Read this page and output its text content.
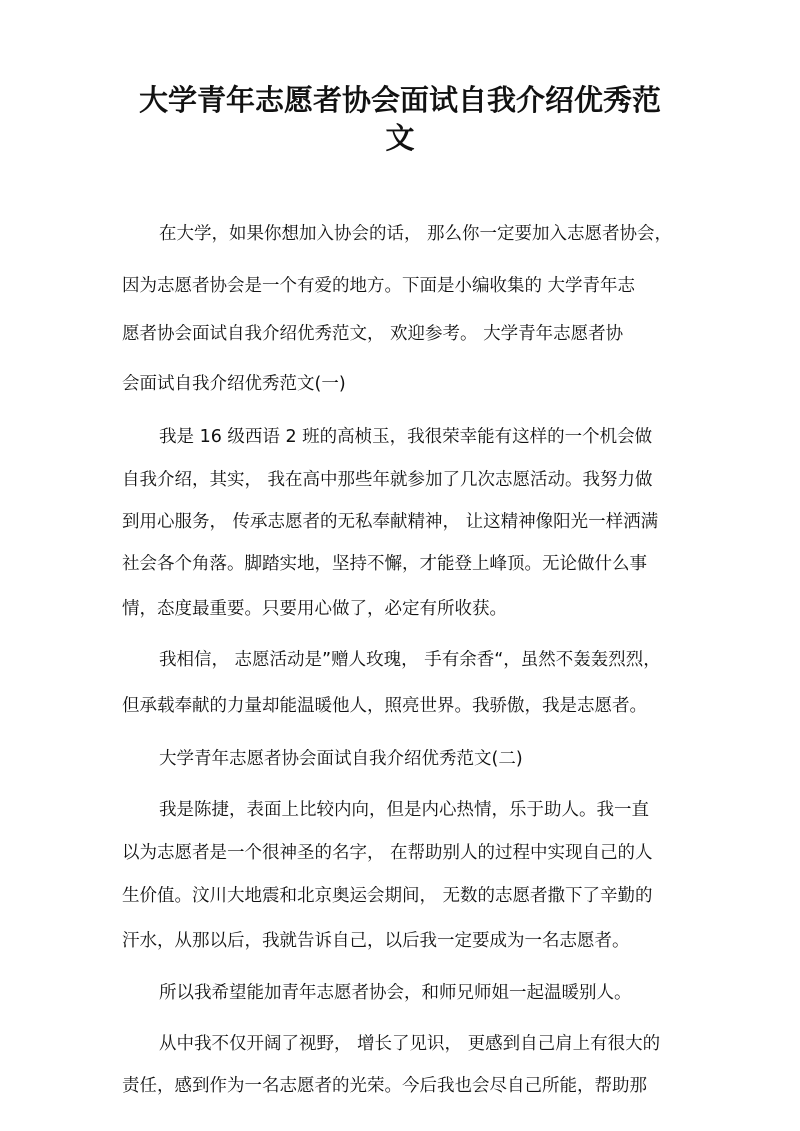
大学青年志愿者协会面试自我介绍优秀范
文

在大学，如果你想加入协会的话， 那么你一定要加入志愿者协会，

因为志愿者协会是一个有爱的地方。下面是小编收集的 大学青年志

愿者协会面试自我介绍优秀范文， 欢迎参考。 大学青年志愿者协

会面试自我介绍优秀范文(一)

我是 16 级西语 2 班的高桢玉，我很荣幸能有这样的一个机会做

自我介绍，其实， 我在高中那些年就参加了几次志愿活动。我努力做

到用心服务， 传承志愿者的无私奉献精神， 让这精神像阳光一样洒满

社会各个角落。脚踏实地，坚持不懈，才能登上峰顶。无论做什么事

情，态度最重要。只要用心做了，必定有所收获。

我相信， 志愿活动是”赠人玫瑰， 手有余香“，虽然不轰轰烈烈，

但承载奉献的力量却能温暖他人，照亮世界。我骄傲，我是志愿者。

大学青年志愿者协会面试自我介绍优秀范文(二)

我是陈捷，表面上比较内向，但是内心热情，乐于助人。我一直

以为志愿者是一个很神圣的名字， 在帮助别人的过程中实现自己的人

生价值。汶川大地震和北京奥运会期间， 无数的志愿者撒下了辛勤的

汗水，从那以后，我就告诉自己，以后我一定要成为一名志愿者。

所以我希望能加青年志愿者协会，和师兄师姐一起温暖别人。

从中我不仅开阔了视野， 增长了见识， 更感到自己肩上有很大的

责任，感到作为一名志愿者的光荣。今后我也会尽自己所能，帮助那
